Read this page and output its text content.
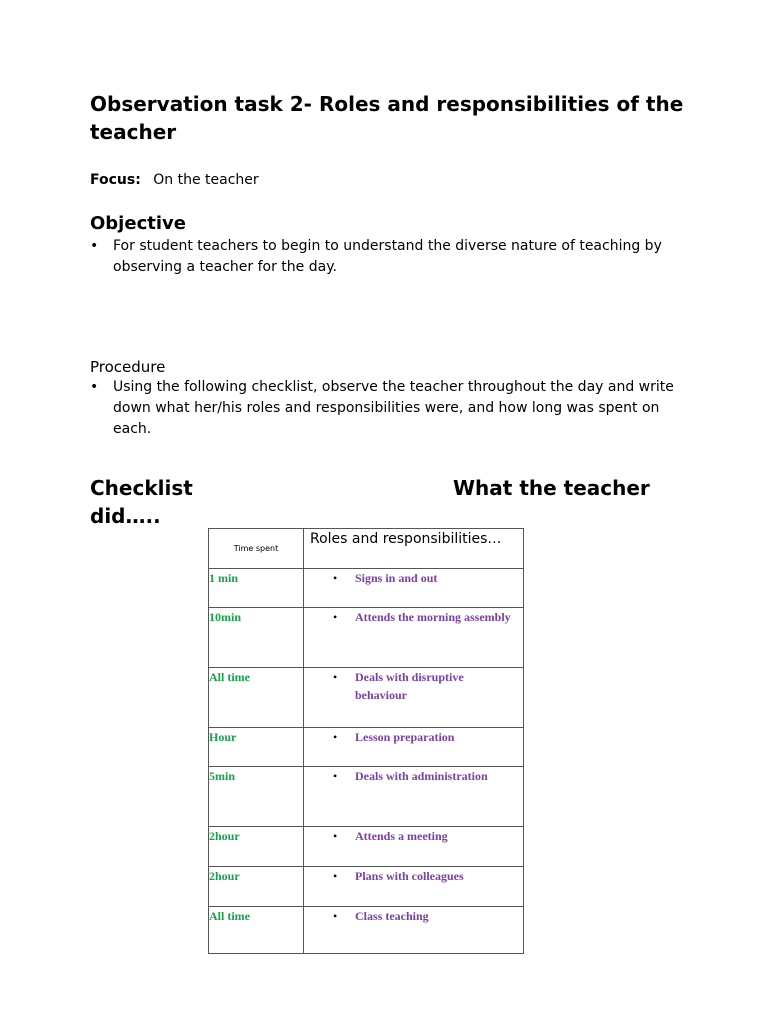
Observation task 2- Roles and responsibilities of the teacher
Focus: On the teacher
Objective
•	For student teachers to begin to understand the diverse nature of teaching by observing a teacher for the day.
Procedure
•	Using the following checklist, observe the teacher throughout the day and write down what her/his roles and responsibilities were, and how long was spent on each.
Checklist	What the teacher
did…..
Time spent	Roles and responsibilities…
1 min	• Signs in and out

10min	• Attends the morning assembly

All time	• Deals with disruptive behaviour

Hour	• Lesson preparation

5min	• Deals with administration

2hour	• Attends a meeting

2hour	• Plans with colleagues

All time	• Class teaching
